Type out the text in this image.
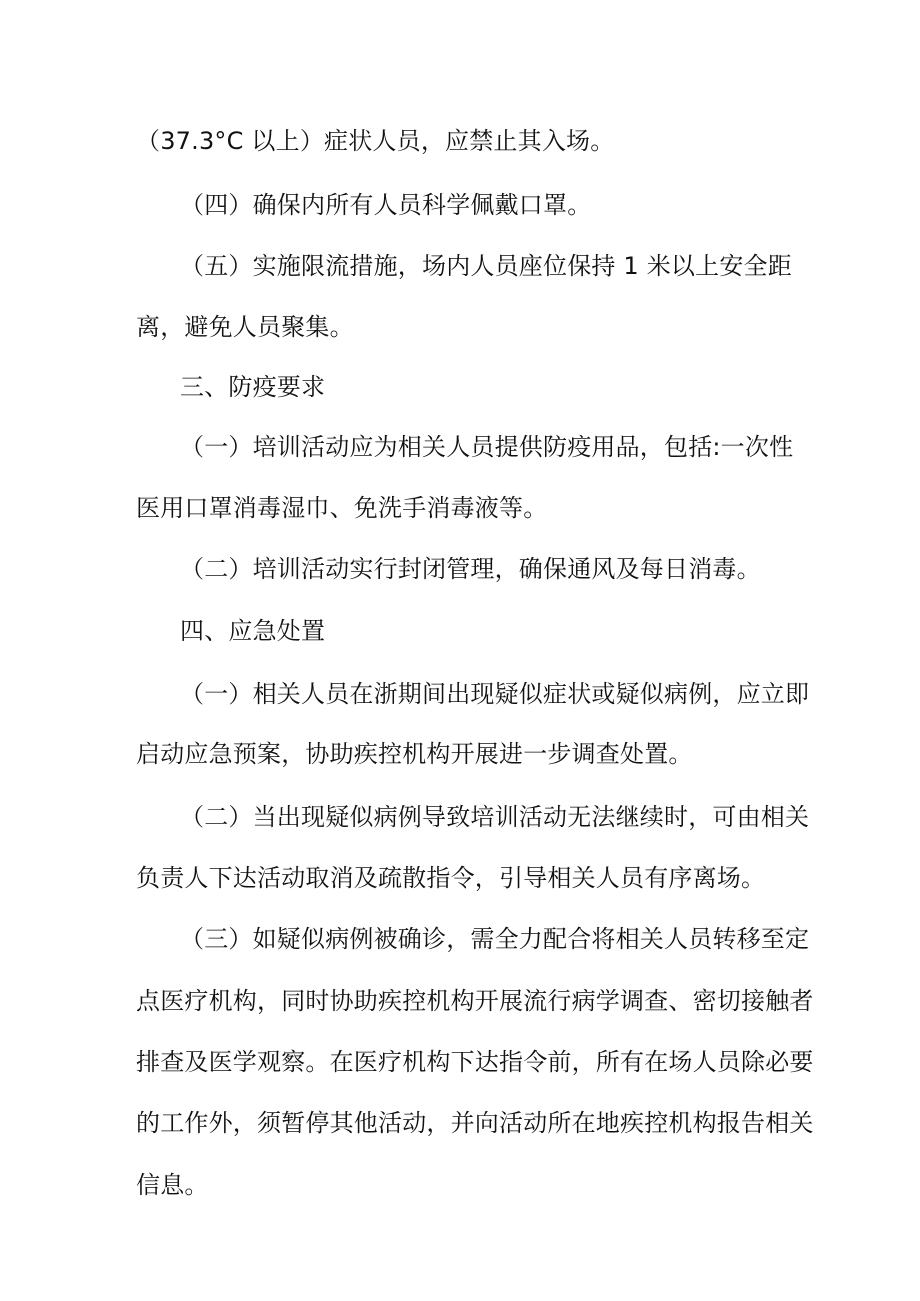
（37.3°C 以上）症状人员，应禁止其入场。
（四）确保内所有人员科学佩戴口罩。
（五）实施限流措施，场内人员座位保持 1 米以上安全距
离，避免人员聚集。
三、防疫要求
（一）培训活动应为相关人员提供防疫用品，包括:一次性
医用口罩消毒湿巾、免洗手消毒液等。
（二）培训活动实行封闭管理，确保通风及每日消毒。
四、应急处置
（一）相关人员在浙期间出现疑似症状或疑似病例，应立即
启动应急预案，协助疾控机构开展进一步调查处置。
（二）当出现疑似病例导致培训活动无法继续时，可由相关
负责人下达活动取消及疏散指令，引导相关人员有序离场。
（三）如疑似病例被确诊，需全力配合将相关人员转移至定
点医疗机构，同时协助疾控机构开展流行病学调查、密切接触者
排查及医学观察。在医疗机构下达指令前，所有在场人员除必要
的工作外，须暂停其他活动，并向活动所在地疾控机构报告相关
信息。
